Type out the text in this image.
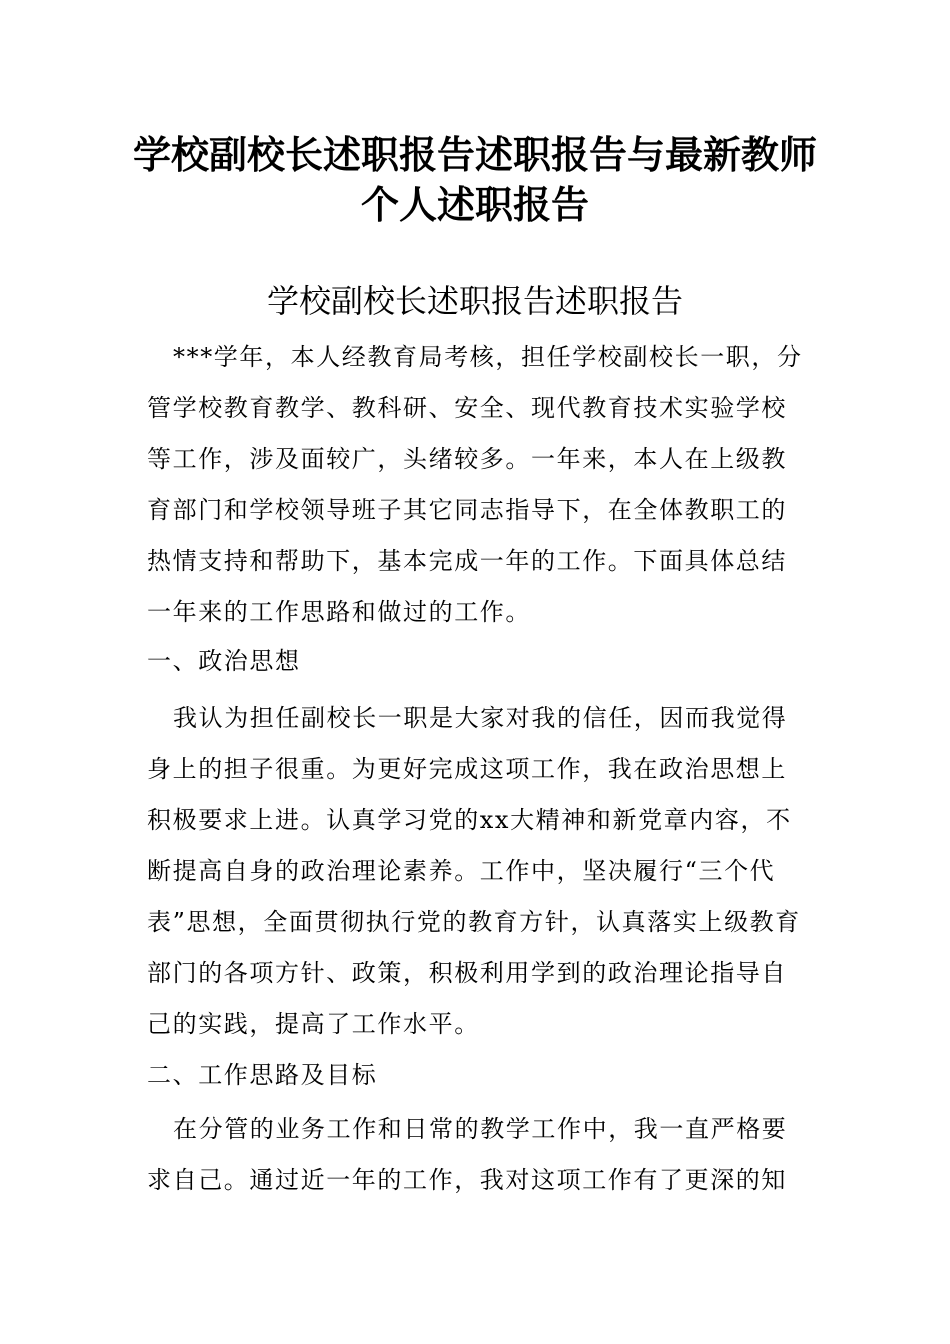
学校副校长述职报告述职报告与最新教师个人述职报告
学校副校长述职报告述职报告

***学年，本人经教育局考核，担任学校副校长一职，分管学校教育教学、教科研、安全、现代教育技术实验学校等工作，涉及面较广，头绪较多。一年来，本人在上级教育部门和学校领导班子其它同志指导下，在全体教职工的热情支持和帮助下，基本完成一年的工作。下面具体总结一年来的工作思路和做过的工作。

一、政治思想

我认为担任副校长一职是大家对我的信任，因而我觉得身上的担子很重。为更好完成这项工作，我在政治思想上积极要求上进。认真学习党的xx大精神和新党章内容，不断提高自身的政治理论素养。工作中，坚决履行“三个代表”思想，全面贯彻执行党的教育方针，认真落实上级教育部门的各项方针、政策，积极利用学到的政治理论指导自己的实践，提高了工作水平。

二、工作思路及目标

在分管的业务工作和日常的教学工作中，我一直严格要求自己。通过近一年的工作，我对这项工作有了更深的知
